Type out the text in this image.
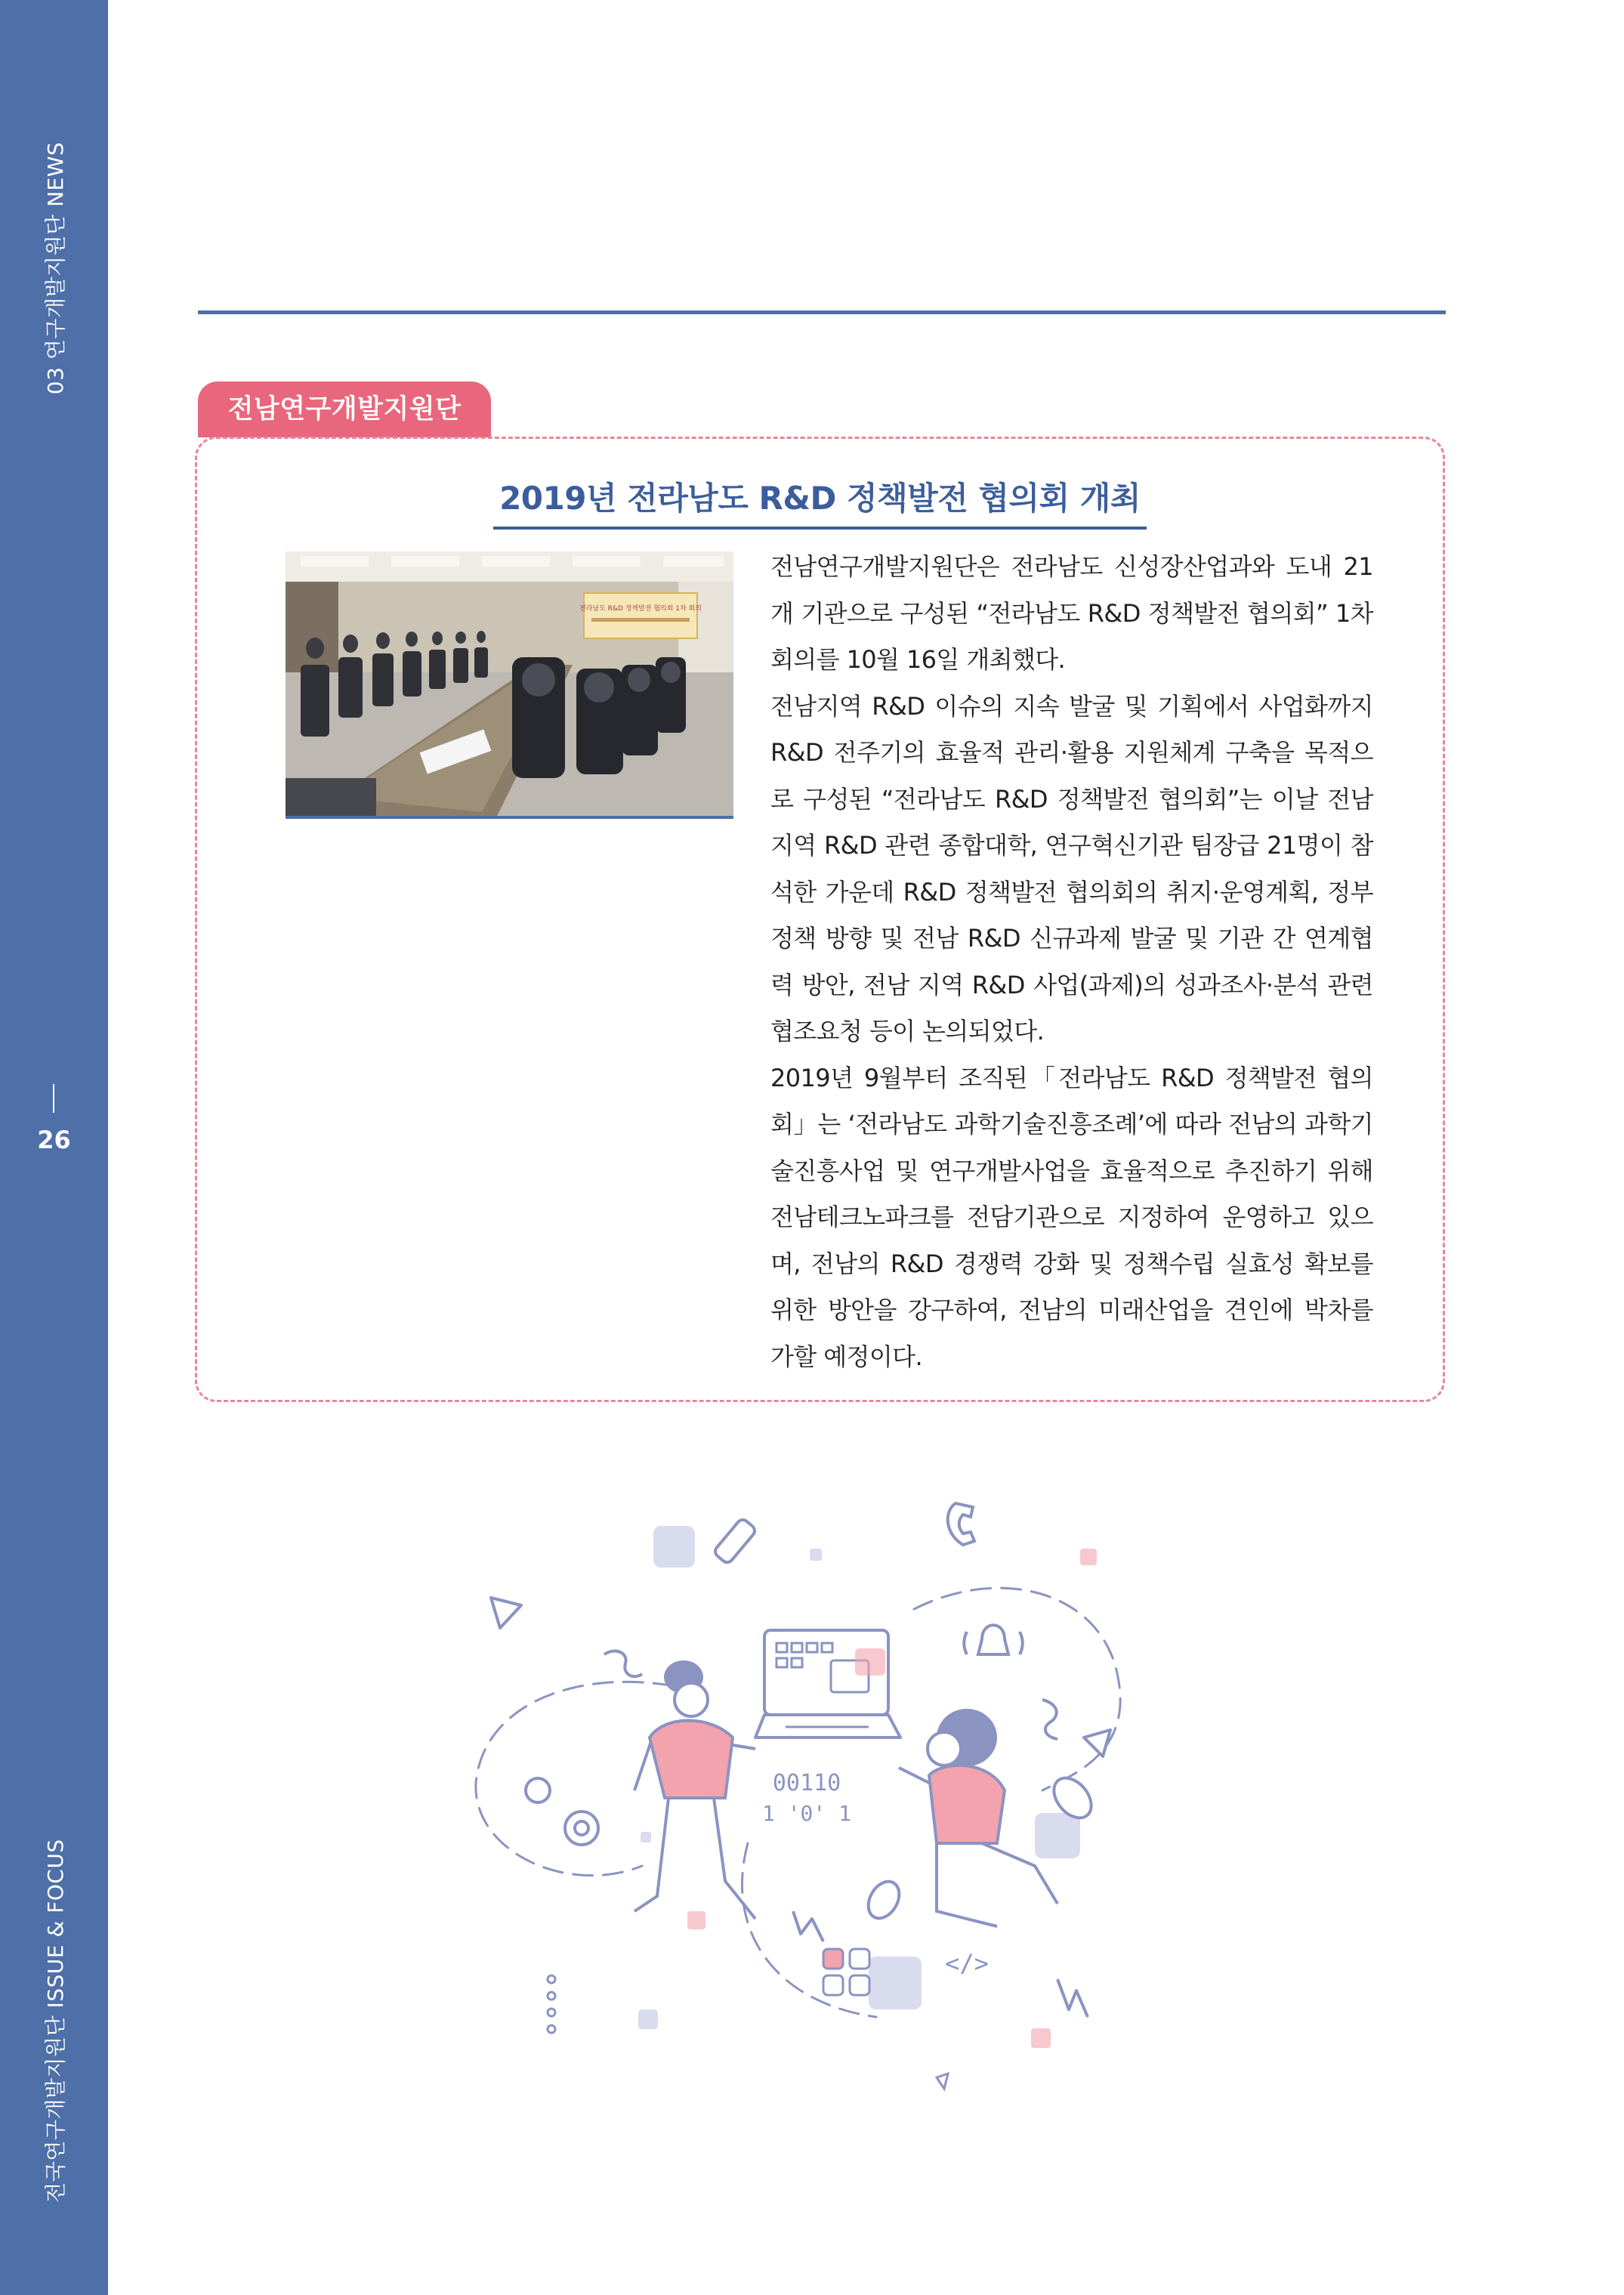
03 연구개발지원단 NEWS
26
전국연구개발지원단 ISSUE & FOCUS
전남연구개발지원단
2019년 전라남도 R&D 정책발전 협의회 개최
전라남도 R&D 정책발전 협의회 1차 회의

전남연구개발지원단은 전라남도 신성장산업과와 도내 21개 기관으로 구성된 “전라남도 R&D 정책발전 협의회” 1차 회의를 10월 16일 개최했다.

전남지역 R&D 이슈의 지속 발굴 및 기획에서 사업화까지 R&D 전주기의 효율적 관리·활용 지원체계 구축을 목적으로 구성된 “전라남도 R&D 정책발전 협의회”는 이날 전남지역 R&D 관련 종합대학, 연구혁신기관 팀장급 21명이 참석한 가운데 R&D 정책발전 협의회의 취지·운영계획, 정부 정책 방향 및 전남 R&D 신규과제 발굴 및 기관 간 연계협력 방안, 전남 지역 R&D 사업(과제)의 성과조사·분석 관련 협조요청 등이 논의되었다.

2019년 9월부터 조직된「전라남도 R&D 정책발전 협의회」는 ‘전라남도 과학기술진흥조례’에 따라 전남의 과학기술진흥사업 및 연구개발사업을 효율적으로 추진하기 위해 전남테크노파크를 전담기관으로 지정하여 운영하고 있으며, 전남의 R&D 경쟁력 강화 및 정책수립 실효성 확보를 위한 방안을 강구하여, 전남의 미래산업을 견인에 박차를 가할 예정이다.

00110
1 '0' 1
</>
